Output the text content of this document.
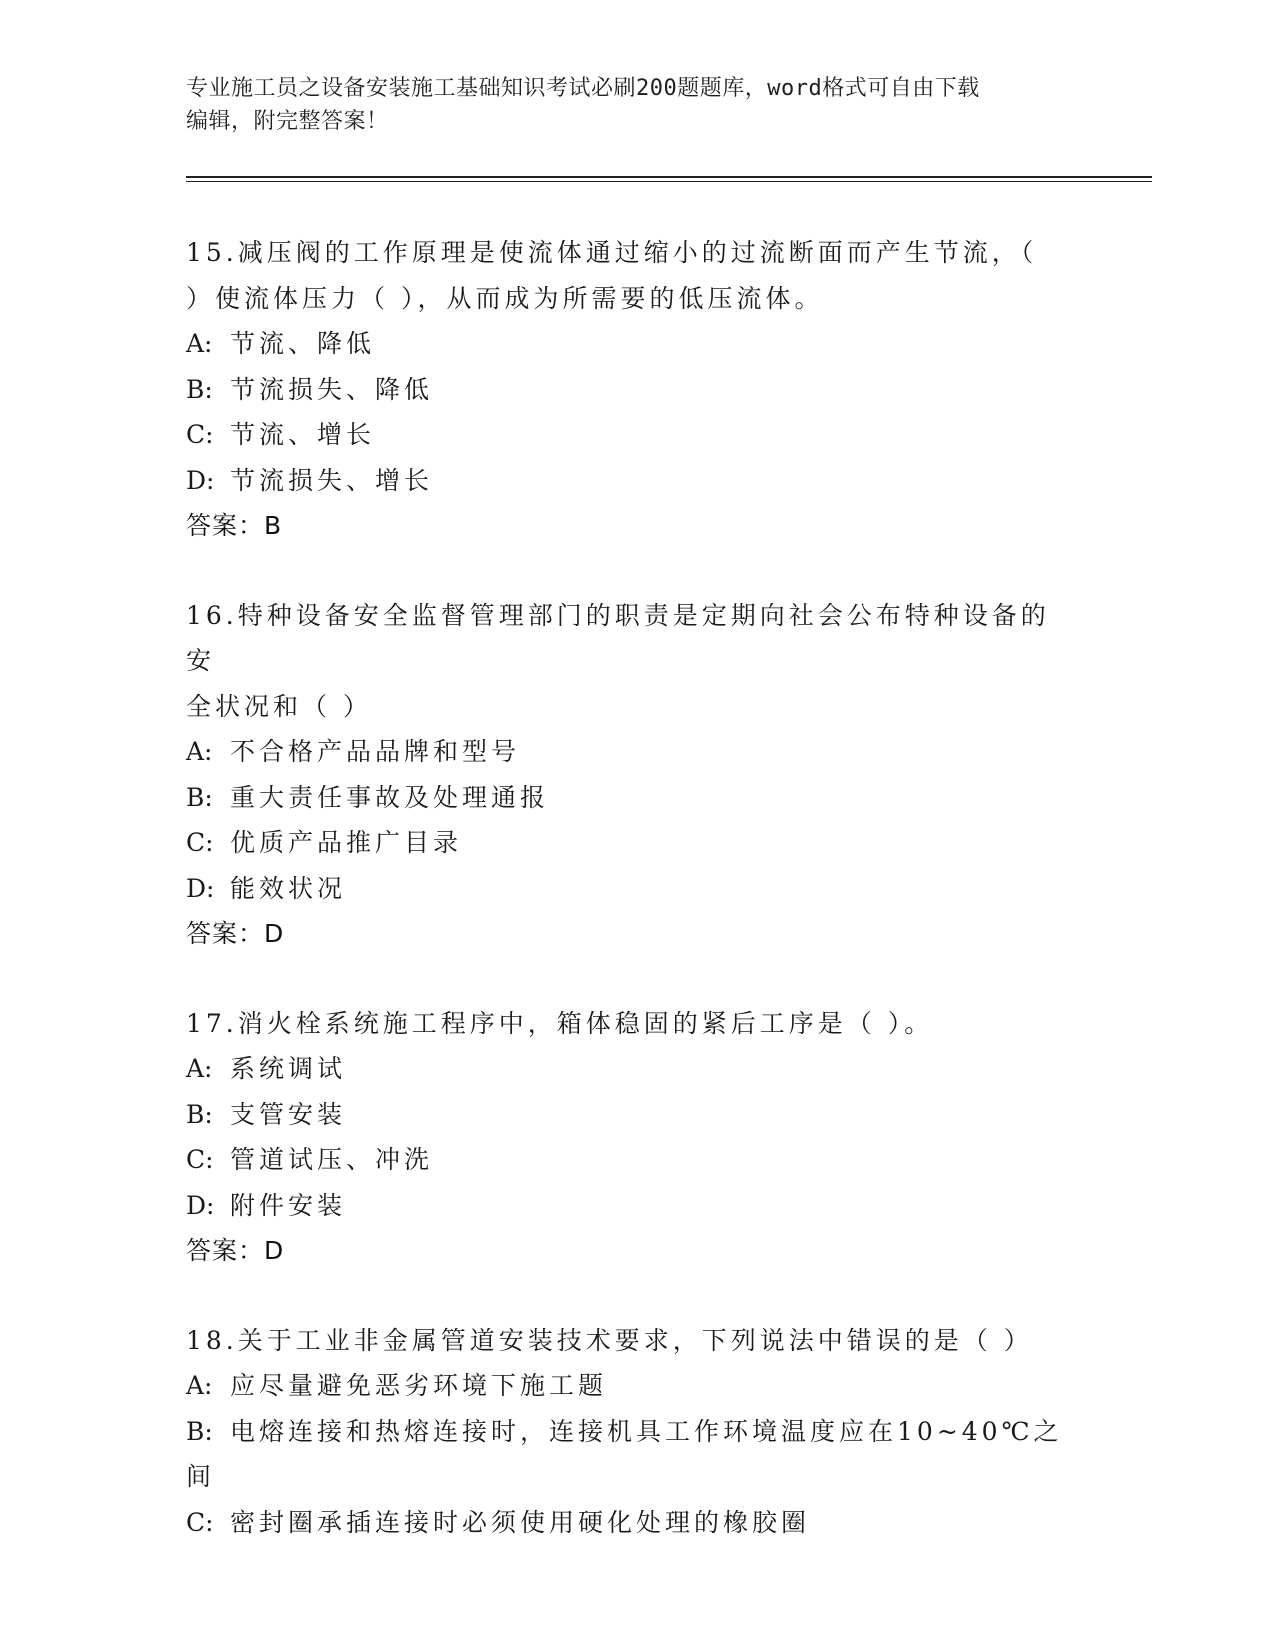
专业施工员之设备安装施工基础知识考试必刷200题题库，word格式可自由下载
编辑，附完整答案！
15.减压阀的工作原理是使流体通过缩小的过流断面而产生节流，（
）使流体压力（ ），从而成为所需要的低压流体。
A: 节流、降低
B: 节流损失、降低
C: 节流、增长
D: 节流损失、增长
答案：B
16.特种设备安全监督管理部门的职责是定期向社会公布特种设备的安
全状况和（ ）
A: 不合格产品品牌和型号
B: 重大责任事故及处理通报
C: 优质产品推广目录
D: 能效状况
答案：D
17.消火栓系统施工程序中，箱体稳固的紧后工序是（ ）。
A: 系统调试
B: 支管安装
C: 管道试压、冲洗
D: 附件安装
答案：D
18.关于工业非金属管道安装技术要求，下列说法中错误的是（ ）
A: 应尽量避免恶劣环境下施工题
B: 电熔连接和热熔连接时，连接机具工作环境温度应在10~40℃之间
C: 密封圈承插连接时必须使用硬化处理的橡胶圈
